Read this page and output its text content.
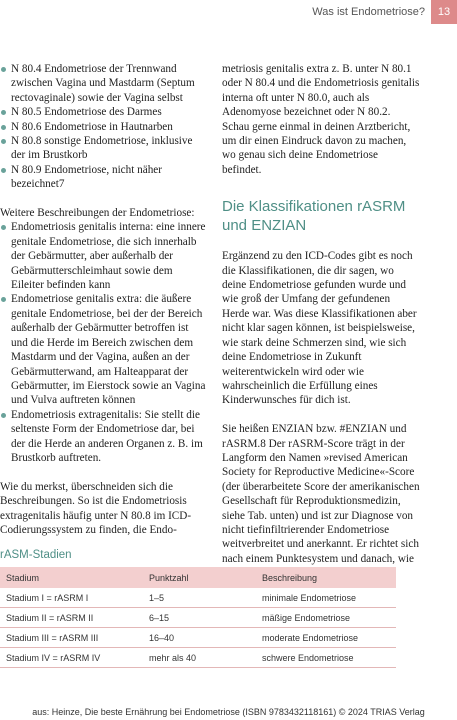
Was ist Endometriose?	13
N 80.4 Endometriose der Trennwand zwischen Vagina und Mastdarm (Septum rectovaginale) sowie der Vagina selbst
N 80.5 Endometriose des Darmes
N 80.6 Endometriose in Hautnarben
N 80.8 sonstige Endometriose, inklusive der im Brustkorb
N 80.9 Endometriose, nicht näher bezeichnet7
Weitere Beschreibungen der Endometriose:
Endometriosis genitalis interna: eine innere genitale Endometriose, die sich innerhalb der Gebärmutter, aber außerhalb der Gebärmutterschleimhaut sowie dem Eileiter befinden kann
Endometriose genitalis extra: die äußere genitale Endometriose, bei der der Bereich außerhalb der Gebärmutter betroffen ist und die Herde im Bereich zwischen dem Mastdarm und der Vagina, außen an der Gebärmutterwand, am Halteapparat der Gebärmutter, im Eierstock sowie an Vagina und Vulva auftreten können
Endometriosis extragenitalis: Sie stellt die seltenste Form der Endometriose dar, bei der die Herde an anderen Organen z. B. im Brustkorb auftreten.

Wie du merkst, überschneiden sich die Beschreibungen. So ist die Endometriosis extragenitalis häufig unter N 80.8 im ICD-Codierungssystem zu finden, die Endo-

metriosis genitalis extra z. B. unter N 80.1 oder N 80.4 und die Endometriosis genitalis interna oft unter N 80.0, auch als Adenomyose bezeichnet oder N 80.2. Schau gerne einmal in deinen Arztbericht, um dir einen Eindruck davon zu machen, wo genau sich deine Endometriose befindet.

Die Klassifikationen rASRM und ENZIAN

Ergänzend zu den ICD-Codes gibt es noch die Klassifikationen, die dir sagen, wo deine Endometriose gefunden wurde und wie groß der Umfang der gefundenen Herde war. Was diese Klassifikationen aber nicht klar sagen können, ist beispielsweise, wie stark deine Schmerzen sind, wie sich deine Endometriose in Zukunft weiterentwickeln wird oder wie wahrscheinlich die Erfüllung eines Kinderwunsches für dich ist.

Sie heißen ENZIAN bzw. #ENZIAN und rASRM.8 Der rASRM-Score trägt in der Langform den Namen »revised American Society for Reproductive Medicine«-Score (der überarbeitete Score der amerikanischen Gesellschaft für Reproduktionsmedizin, siehe Tab. unten) und ist zur Diagnose von nicht tiefinfiltrierender Endometriose weitverbreitet und anerkannt. Er richtet sich nach einem Punktesystem und danach, wie

rASM-Stadien
Stadium	Punktzahl	Beschreibung
Stadium I = rASRM I	1–5	minimale Endometriose
Stadium II = rASRM II	6–15	mäßige Endometriose
Stadium III = rASRM III	16–40	moderate Endometriose
Stadium IV = rASRM IV	mehr als 40	schwere Endometriose
aus: Heinze, Die beste Ernährung bei Endometriose (ISBN 9783432118161) © 2024 TRIAS Verlag
